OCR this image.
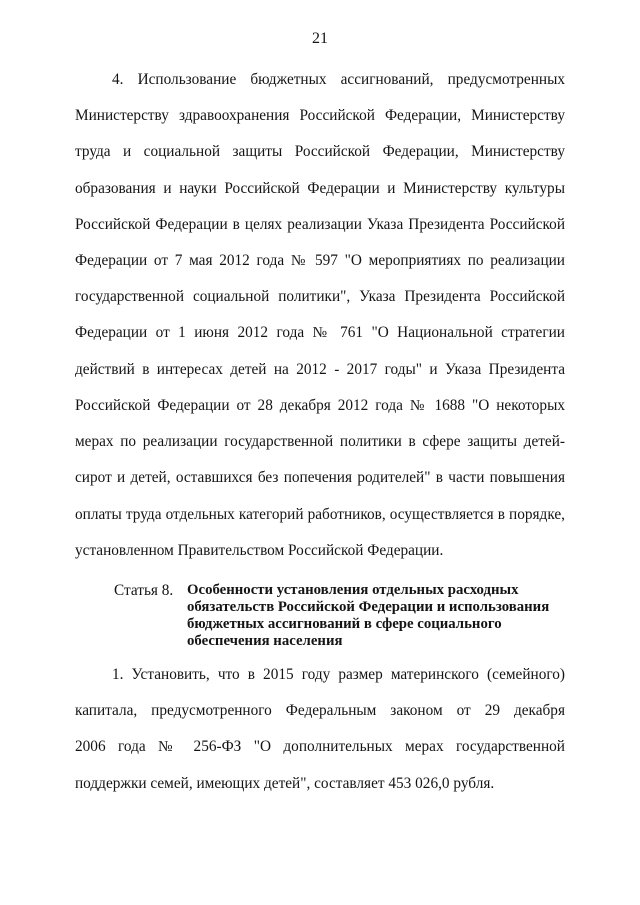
21
4. Использование бюджетных ассигнований, предусмотренных
Министерству здравоохранения Российской Федерации, Министерству
труда и социальной защиты Российской Федерации, Министерству
образования и науки Российской Федерации и Министерству культуры
Российской Федерации в целях реализации Указа Президента Российской
Федерации от 7 мая 2012 года № 597 "О мероприятиях по реализации
государственной социальной политики", Указа Президента Российской
Федерации от 1 июня 2012 года № 761 "О Национальной стратегии
действий в интересах детей на 2012 - 2017 годы" и Указа Президента
Российской Федерации от 28 декабря 2012 года № 1688 "О некоторых
мерах по реализации государственной политики в сфере защиты детей-
сирот и детей, оставшихся без попечения родителей" в части повышения
оплаты труда отдельных категорий работников, осуществляется в порядке,
установленном Правительством Российской Федерации.
Статья 8. Особенности установления отдельных расходных
обязательств Российской Федерации и использования
бюджетных ассигнований в сфере социального
обеспечения населения
1. Установить, что в 2015 году размер материнского (семейного)
капитала, предусмотренного Федеральным законом от 29 декабря
2006 года № 256-ФЗ "О дополнительных мерах государственной
поддержки семей, имеющих детей", составляет 453 026,0 рубля.
